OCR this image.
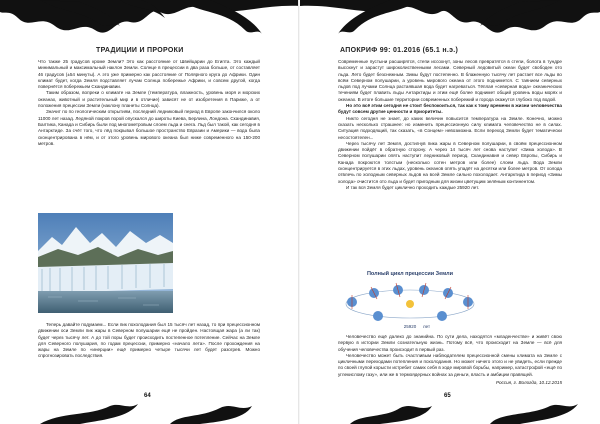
ТРАДИЦИИ И ПРОРОКИ

Что также 25 градусов кроме Земли? Это как расстояние от Швейцарии до Египта. Это каждый минимальный и максимальный наклон Земли. Солнце в прецессии в два раза больше, от составляет 46 градусов (±54 минуты). А это уже примерно как расстояние от Полярного круга до Африки. Один климат будет, когда Земля подставляет лучам Солнца побережье Африки, и совсем другой, когда повернётся побережьем Скандинавии.

Таким образом, вопреки о климате на Земле (температура, влажность, уровень моря и морских океанах, животный и растительный мир и в отличие) зависят не от изобретения в Париже, а от положения прецессии Земли (наклону планеты Солнца).

Значит по по геологическим открытиям, последний ледниковый период в Европе закончился около 11000 лет назад. Ледяной покров порой опускался до широты Киева, Берлина, Лондона. Скандинавия, Балтика, Канада и Сибирь были под многометровым слоем льда и снега. Льд был такой, как сегодня в Антарктиде. За счёт того, что лёд покрывал большое пространство Евразии и Америки — вода была сконцентрирована в нём, и от этого уровень мирового океана был ниже современного на 150-200 метров.

Теперь давайте подумаем... Если пик похолодания был 15 тысяч лет назад, то при прецессионном движении оси Земли пик жары в Северном полушарии ещё не пройден. Настоящая жара (а ли так) будет через тысячу лет. А до той поры будет происходить постепенное потепление. Сейчас на Земле для Северного полушария, по годам прецессии, примерно «начало лета». После прохождения на жары на Земле по «инерции» ещё примерно четыре тысячи лет будет разогрев. Можно спрогнозировать последствия.

64
АПОКРИФ 99: 01.2016 (65.1 н.э.)

Современные пустыни расширятся, степи иссохнут, зоны лесов превратятся в степи, болота в тундре высохнут и зарастут широколиственными лесами. Северный ледовитый океан будет свободен ото льда. Лето будет безснежным. Зимы будут постепенно. В блаженную тысячу лет растает все льды во всём Северном полушарии, а уровень мирового океана от этого поднимется. С таянием северных льдов под лучами Солнца растаявшая вода будет нагреваться. Тёплая «северная вода» океанических течениям будет плавить льды Антарктиды и этим ещё более поднимет общий уровень воды морях и океанах. В итоге большие территории современных побережий и города окажутся глубоко под водой.

Но это всё этим сегодня не стоит беспокоиться, так как к тому времени в жизни человечества будут совсем другие ценности и приоритеты.

Никто сегодня не знает, до каких величин повысится температура на Земле. Конечно, можно сказать несколько страшнее: но изменить прецессионную силу климата человечество не в силах. Ситуация подходящий, так сказать, «в Сонцем» невозможна. Если переход Земли будет тематически несостоятелен...

Через тысячу лет Земля, достигнув пика жары в Северном полушарии, в своём прецессионном движении пойдёт в обратную сторону. А через 14 тысяч лет снова наступит «Зима холода». В Северном полушарии опять наступит ледниковый период. Скандинавия и север Европы, Сибирь и Канада покроются толстым (несколько сотен метров или более) слоем льда. Вода Земли сконцентрируется в этих льдах, уровень океанов опять упадёт на десятки или более метров. От холода отвлечь по холодным северных льдов на всей Земле сильно похолодает. Антарктида в период «Зимы холода» очистится ото льда и будет пригодным для жизни цветущим зелёным континентом.

И так вся Земля будет циклично проходить каждые 25920 лет.

Полный цикл прецессии Земли
25920 лет

Человечество ещё далеко до знанийна. По сути дела, находятся «младенчестве» и живёт свою первую в истории Земли сознательную жизнь. Потому всё, что происходит на Земле — всё для обучения человечества происходит в первый раз.

Человечество может быть счастливым наблюдателем прецессионной смены климата на Земле с цикличными переходами потепления и похолодания. Но может ничего этого и не увидеть, если прежде по своей глупой корысти истребит самих себя в ходе мировой борьбы, например, катастрофой «ещё по углекислому газу», или же в термоядерных войнах за деньги, власть и амбиции правящей.

Россия, г. Вологда, 10.12.2015
65
